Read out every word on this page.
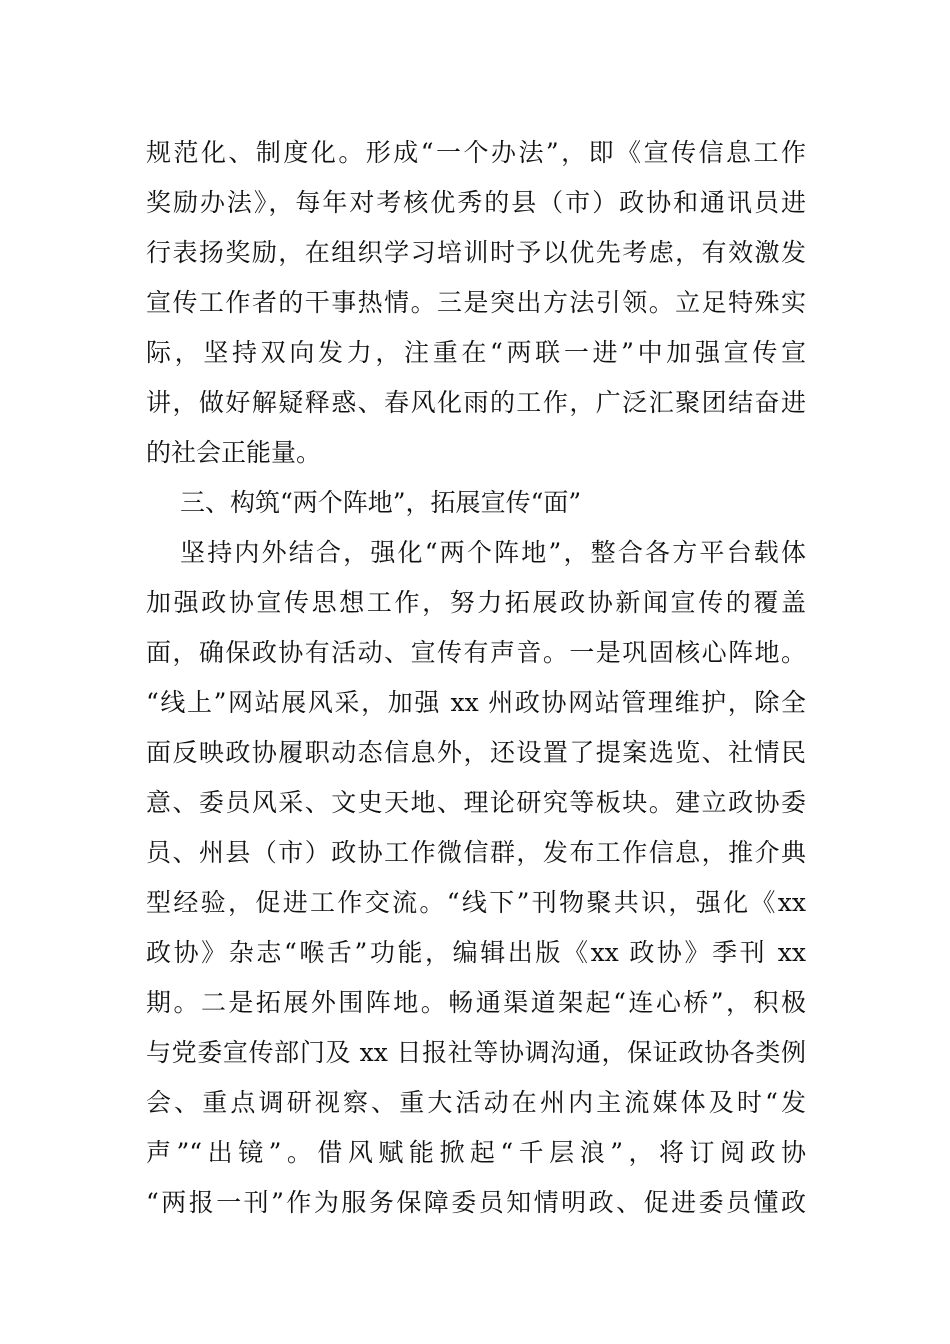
规范化、制度化。形成“一个办法”，即《宣传信息工作
奖励办法》，每年对考核优秀的县（市）政协和通讯员进
行表扬奖励，在组织学习培训时予以优先考虑，有效激发
宣传工作者的干事热情。三是突出方法引领。立足特殊实
际，坚持双向发力，注重在“两联一进”中加强宣传宣
讲，做好解疑释惑、春风化雨的工作，广泛汇聚团结奋进
的社会正能量。
三、构筑“两个阵地”，拓展宣传“面”
坚持内外结合，强化“两个阵地”，整合各方平台载体
加强政协宣传思想工作，努力拓展政协新闻宣传的覆盖
面，确保政协有活动、宣传有声音。一是巩固核心阵地。
“线上”网站展风采，加强 xx 州政协网站管理维护，除全
面反映政协履职动态信息外，还设置了提案选览、社情民
意、委员风采、文史天地、理论研究等板块。建立政协委
员、州县（市）政协工作微信群，发布工作信息，推介典
型经验，促进工作交流。“线下”刊物聚共识，强化《xx
政协》杂志“喉舌”功能，编辑出版《xx 政协》季刊 xx
期。二是拓展外围阵地。畅通渠道架起“连心桥”，积极
与党委宣传部门及 xx 日报社等协调沟通，保证政协各类例
会、重点调研视察、重大活动在州内主流媒体及时“发
声”“出镜”。借风赋能掀起“千层浪”，将订阅政协
“两报一刊”作为服务保障委员知情明政、促进委员懂政
